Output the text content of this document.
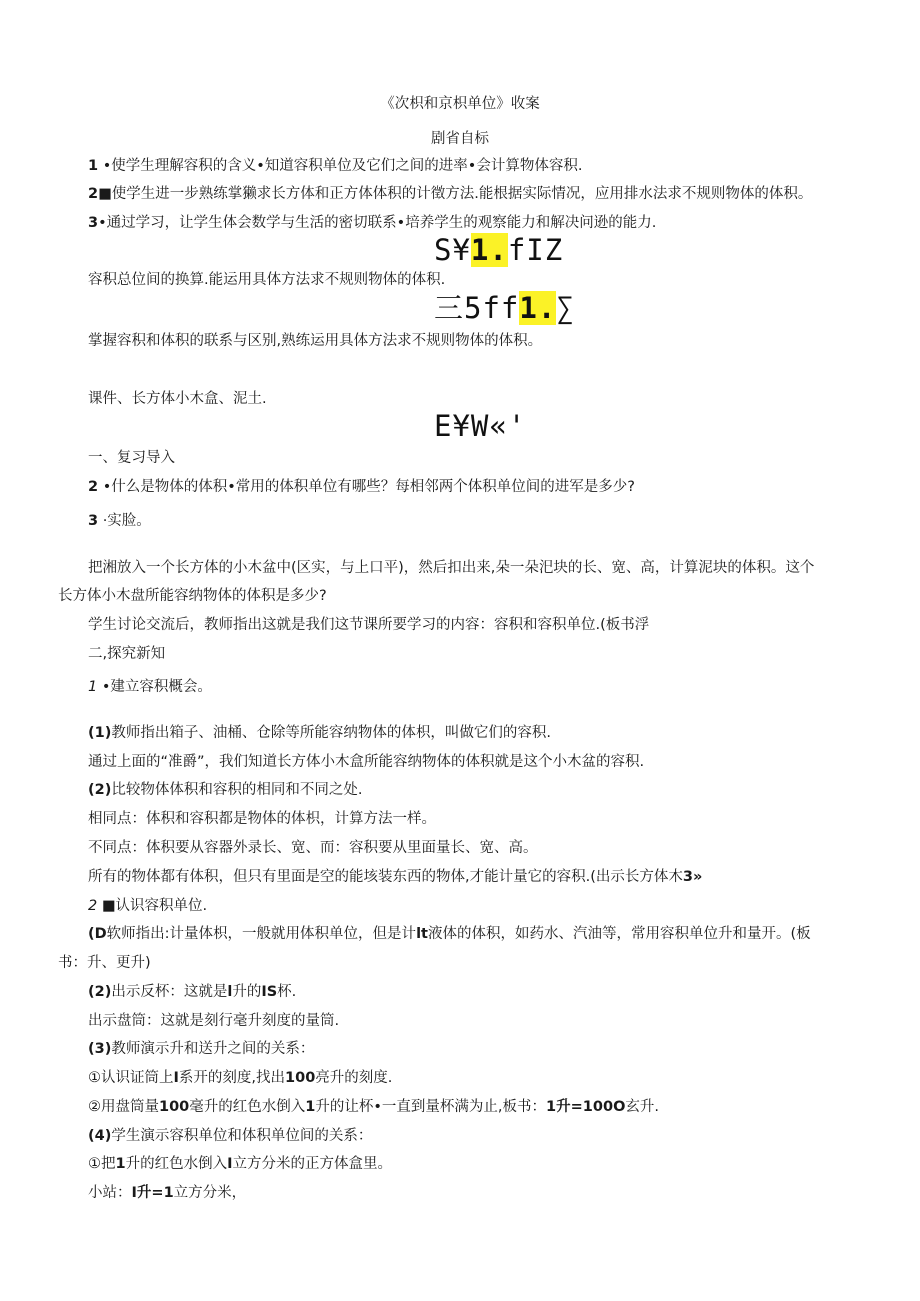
《次枳和京枳单位》收案
剧省自标
1 •使学生理解容积的含义•知道容积单位及它们之间的进率•会计算物体容积.
2■使学生进一步熟练掌獭求长方体和正方体体积的计徵方法.能根据实际情况，应用排水法求不规则物体的体积。
3•通过学习，让学生体会数学与生活的密切联系•培养学生的观察能力和解决问逊的能力.
S¥1.fIZ
容积总位间的换算.能运用具体方法求不规则物体的体积.
三5ff1.∑
掌握容积和体积的联系与区别,熟练运用具体方法求不规则物体的体积。
课件、长方体小木盒、泥土.
E¥W«'
一、复习导入
2 •什么是物体的体积•常用的体积单位有哪些？每相邻两个体积单位间的进军是多少?
3 ·实脸。
把湘放入一个长方体的小木盆中(区实，与上口平)，然后扣出来,朵一朵汜块的长、宽、高，计算泥块的体积。这个
长方体小木盘所能容纳物体的体积是多少?
学生讨论交流后，教师指出这就是我们这节课所要学习的内容：容积和容积单位.(板书浮
二,探究新知
1 •建立容积概会。
(1)教师指出箱子、油桶、仓除等所能容纳物体的体枳，叫做它们的容积.
通过上面的“准爵”，我们知道长方体小木盒所能容纳物体的体积就是这个小木盆的容积.
(2)比较物体体积和容积的相同和不同之处.
相同点：体积和容积都是物体的体枳，计算方法一样。
不同点：体积要从容器外录长、宽、而：容积要从里面量长、宽、高。
所有的物体都有体积，但只有里面是空的能垓装东西的物体,才能计量它的容积.(出示长方体木3»
2 ■认识容积单位.
(D软师指出:计量体枳，一般就用体积单位，但是计lt液体的体积，如药水、汽油等，常用容积单位升和量开。(板
书：升、更升)
(2)出示反杯：这就是l升的IS杯.
出示盘筒：这就是刻行毫升刻度的量筒.
(3)教师演示升和送升之间的关系：
①认识证筒上I系开的刻度,找出100亮升的刻度.
②用盘筒量100毫升的红色水倒入1升的让杯•一直到量杯满为止,板书：1升=100O玄升.
(4)学生演示容积单位和体积单位间的关系：
①把1升的红色水倒入I立方分米的正方体盒里。
小站：I升=1立方分米，
